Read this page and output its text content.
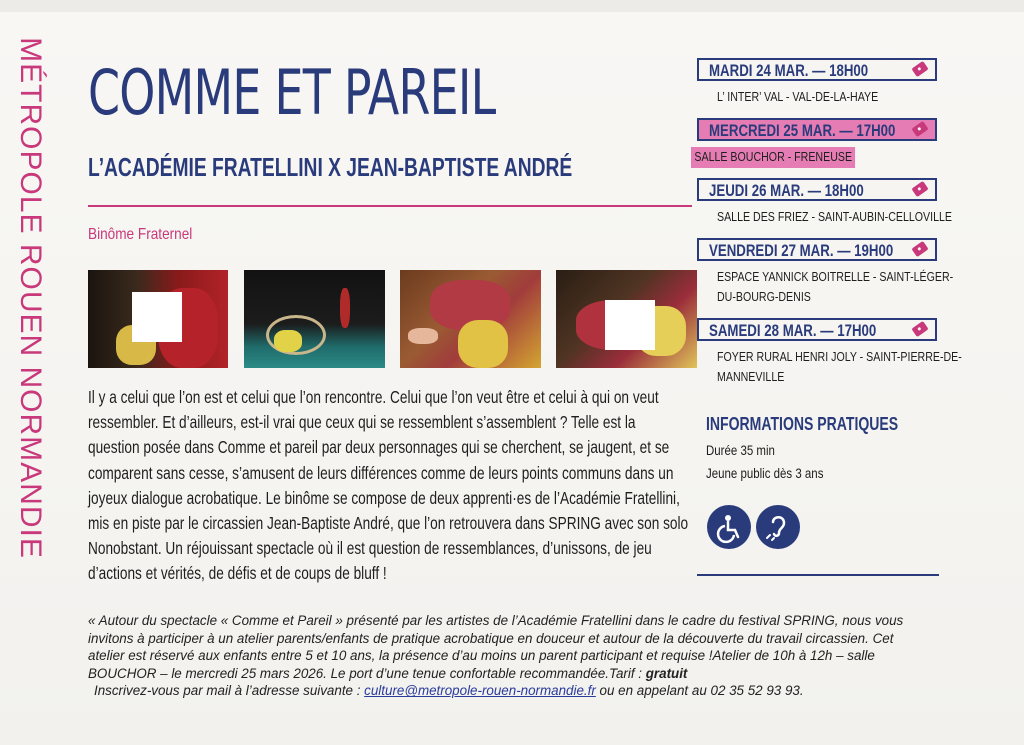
MÉTROPOLE ROUEN NORMANDIE COMME ET PAREIL
L’ACADÉMIE FRATELLINI X JEAN-BAPTISTE ANDRÉ
Binôme Fraternel
Il y a celui que l’on est et celui que l’on rencontre. Celui que l’on veut être et celui à qui on veut
ressembler. Et d’ailleurs, est-il vrai que ceux qui se ressemblent s’assemblent ? Telle est la
question posée dans Comme et pareil par deux personnages qui se cherchent, se jaugent, et se
comparent sans cesse, s’amusent de leurs différences comme de leurs points communs dans un
joyeux dialogue acrobatique. Le binôme se compose de deux apprenti·es de l’Académie Fratellini,
mis en piste par le circassien Jean-Baptiste André, que l’on retrouvera dans SPRING avec son solo
Nonobstant. Un réjouissant spectacle où il est question de ressemblances, d’unissons, de jeu
d’actions et vérités, de défis et de coups de bluff !
MARDI 24 MAR. — 18H00
L’ INTER’ VAL - VAL-DE-LA-HAYE
MERCREDI 25 MAR. — 17H00
SALLE BOUCHOR - FRENEUSE
JEUDI 26 MAR. — 18H00
SALLE DES FRIEZ - SAINT-AUBIN-CELLOVILLE
VENDREDI 27 MAR. — 19H00
ESPACE YANNICK BOITRELLE - SAINT-LÉGER-
DU-BOURG-DENIS
SAMEDI 28 MAR. — 17H00
FOYER RURAL HENRI JOLY - SAINT-PIERRE-DE-
MANNEVILLE
INFORMATIONS PRATIQUES
Durée 35 min
Jeune public dès 3 ans
« Autour du spectacle « Comme et Pareil » présenté par les artistes de l’Académie Fratellini dans le cadre du festival SPRING, nous vous
invitons à participer à un atelier parents/enfants de pratique acrobatique en douceur et autour de la découverte du travail circassien. Cet
atelier est réservé aux enfants entre 5 et 10 ans, la présence d’au moins un parent participant et requise !Atelier de 10h à 12h – salle
BOUCHOR – le mercredi 25 mars 2026. Le port d’une tenue confortable recommandée.Tarif : gratuit
Inscrivez-vous par mail à l’adresse suivante : culture@metropole-rouen-normandie.fr ou en appelant au 02 35 52 93 93.
